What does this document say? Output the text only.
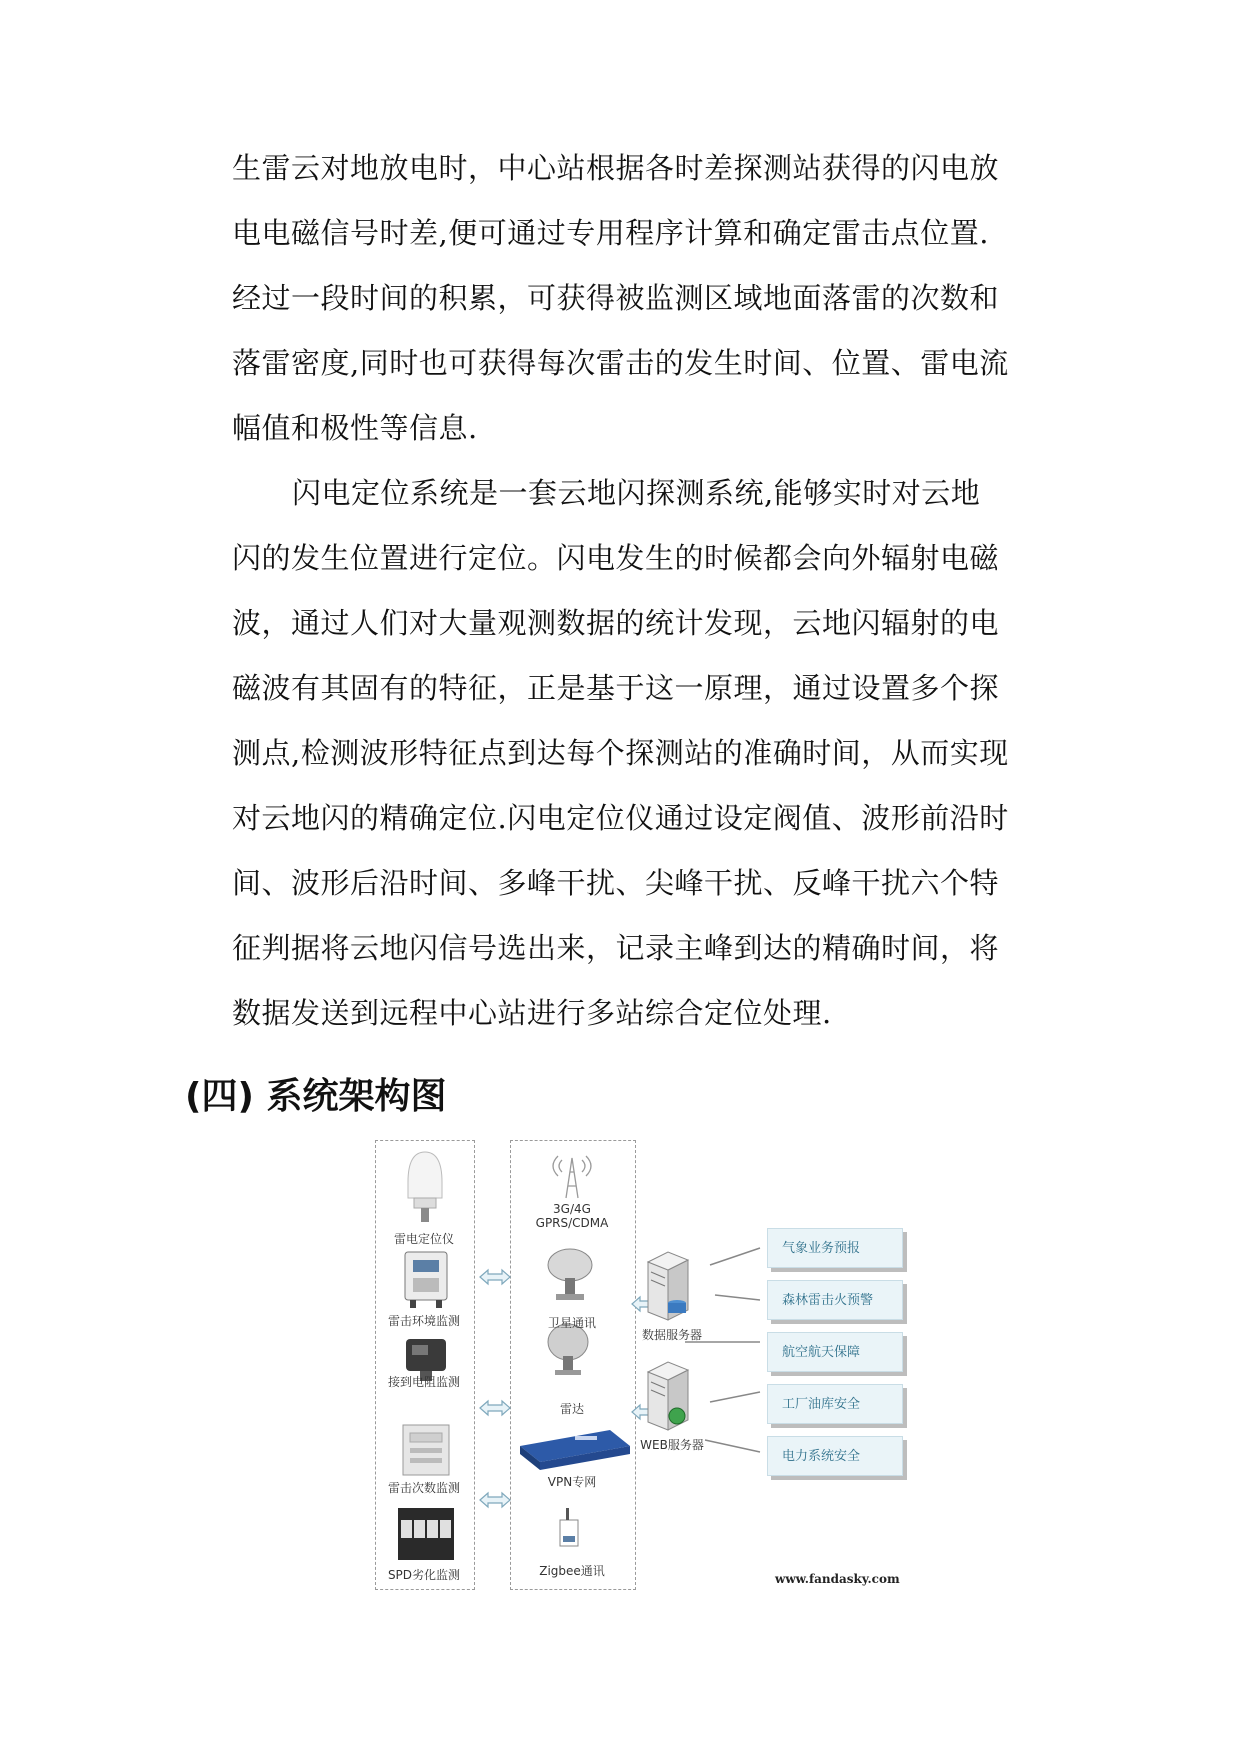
生雷云对地放电时，中心站根据各时差探测站获得的闪电放
电电磁信号时差,便可通过专用程序计算和确定雷击点位置.
经过一段时间的积累，可获得被监测区域地面落雷的次数和
落雷密度,同时也可获得每次雷击的发生时间、位置、雷电流
幅值和极性等信息.
闪电定位系统是一套云地闪探测系统,能够实时对云地
闪的发生位置进行定位。闪电发生的时候都会向外辐射电磁
波，通过人们对大量观测数据的统计发现，云地闪辐射的电
磁波有其固有的特征，正是基于这一原理，通过设置多个探
测点,检测波形特征点到达每个探测站的准确时间，从而实现
对云地闪的精确定位.闪电定位仪通过设定阀值、波形前沿时
间、波形后沿时间、多峰干扰、尖峰干扰、反峰干扰六个特
征判据将云地闪信号选出来，记录主峰到达的精确时间，将
数据发送到远程中心站进行多站综合定位处理.
(四) 系统架构图
雷电定位仪
雷击环境监测
接到电阻监测
雷击次数监测
SPD劣化监测
3G/4G
GPRS/CDMA
卫星通讯
雷达
VPN专网
Zigbee通讯
数据服务器
WEB服务器
气象业务预报
森林雷击火预警
航空航天保障
工厂油库安全
电力系统安全
www.fandasky.com
